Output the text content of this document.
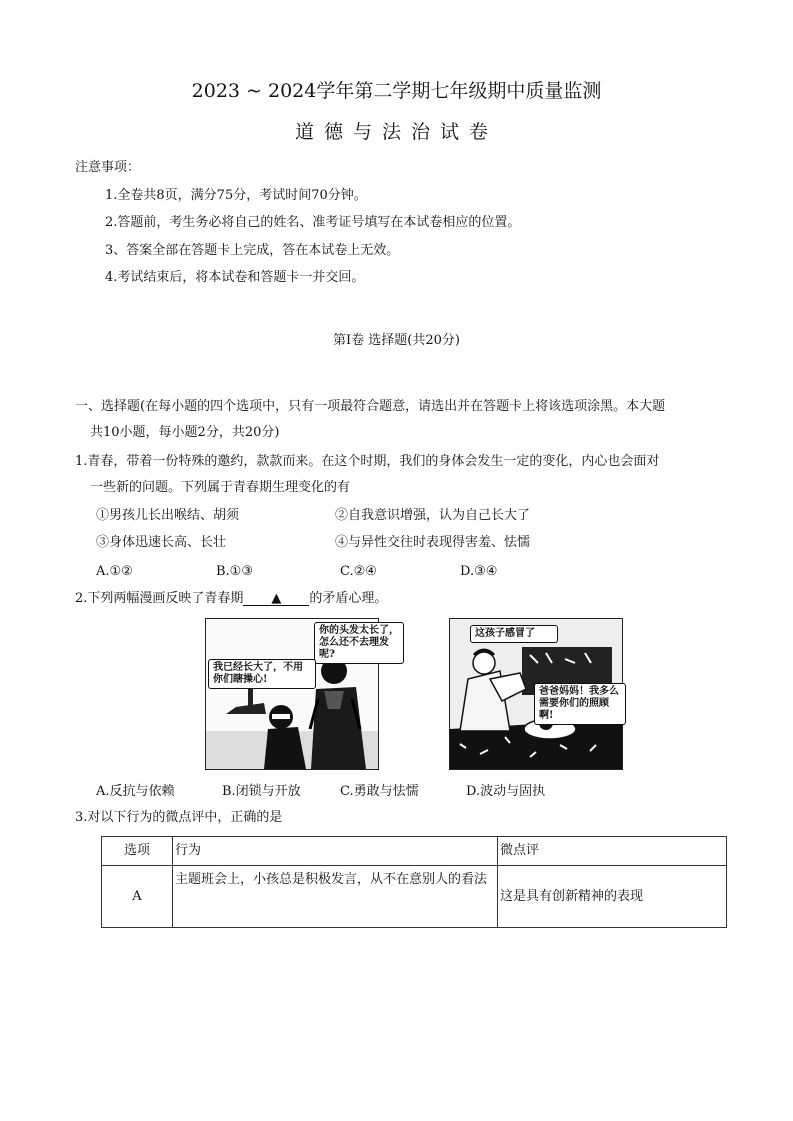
2023 ~ 2024学年第二学期七年级期中质量监测
道德与法治试卷
注意事项：
1.全卷共8页，满分75分，考试时间70分钟。
2.答题前，考生务必将自己的姓名、准考证号填写在本试卷相应的位置。
3、答案全部在答题卡上完成，答在本试卷上无效。
4.考试结束后，将本试卷和答题卡一并交回。
第Ⅰ卷 选择题(共20分)
一、选择题(在每小题的四个选项中，只有一项最符合题意，请选出并在答题卡上将该选项涂黑。本大题
共10小题，每小题2分，共20分)
1.青春，带着一份特殊的邀约，款款而来。在这个时期，我们的身体会发生一定的变化，内心也会面对
一些新的问题。下列属于青春期生理变化的有
①男孩儿长出喉结、胡须	②自我意识增强，认为自己长大了
③身体迅速长高、长壮	④与异性交往时表现得害羞、怯懦
A.①②	B.①③	C.②④	D.③④
2.下列两幅漫画反映了青春期 ▲ 的矛盾心理。
你的头发太长了，怎么还不去理发呢?
我已经长大了，不用你们瞎操心!
这孩子感冒了
爸爸妈妈！我多么需要你们的照顾啊!
A.反抗与依赖	B.闭锁与开放	C.勇敢与怯懦	D.波动与固执
3.对以下行为的微点评中，正确的是
选项	行为	微点评
A	主题班会上，小孩总是积极发言，从不在意别人的看法	这是具有创新精神的表现
